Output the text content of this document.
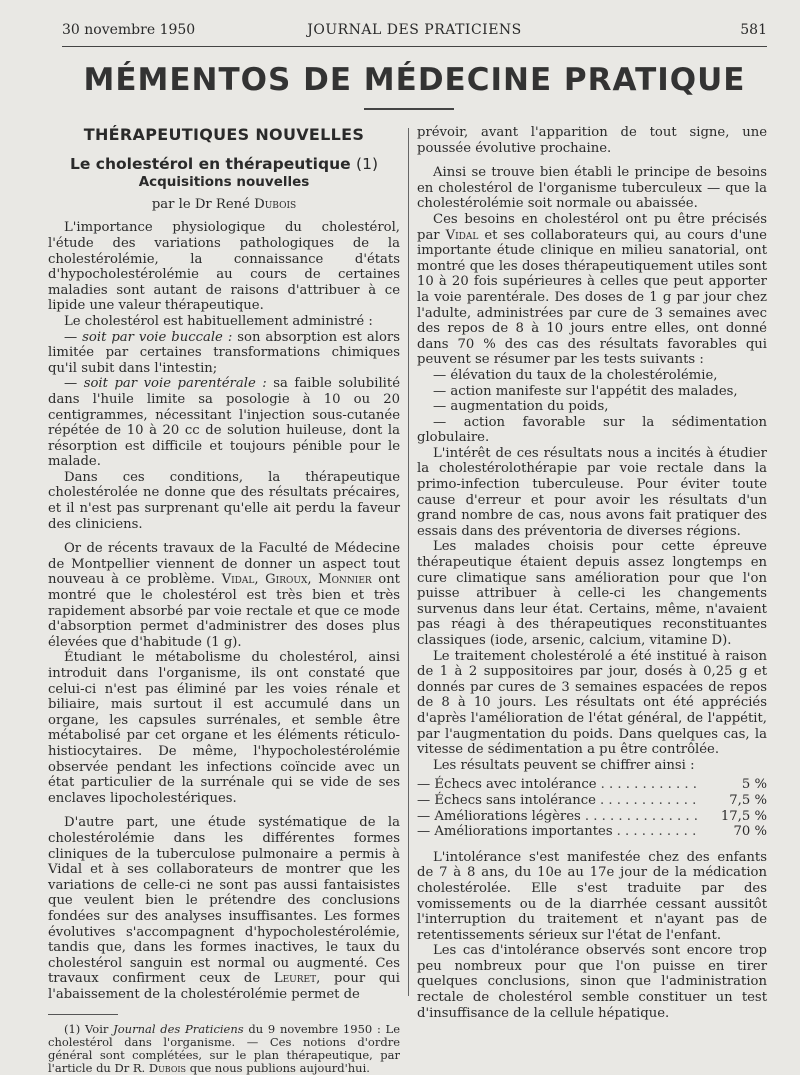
30 novembre 1950	JOURNAL DES PRATICIENS	581
MÉMENTOS DE MÉDECINE PRATIQUE
THÉRAPEUTIQUES NOUVELLES
Le cholestérol en thérapeutique (1)
Acquisitions nouvelles
par le Dr René Dubois

L'importance physiologique du cholestérol, l'étude des variations pathologiques de la cholestérolémie, la connaissance d'états d'hypocholestérolémie au cours de certaines maladies sont autant de raisons d'attribuer à ce lipide une valeur thérapeutique.

Le cholestérol est habituellement administré :

— soit par voie buccale : son absorption est alors limitée par certaines transformations chimiques qu'il subit dans l'intestin;

— soit par voie parentérale : sa faible solubilité dans l'huile limite sa posologie à 10 ou 20 centigrammes, nécessitant l'injection sous-cutanée répétée de 10 à 20 cc de solution huileuse, dont la résorption est difficile et toujours pénible pour le malade.

Dans ces conditions, la thérapeutique cholestérolée ne donne que des résultats précaires, et il n'est pas surprenant qu'elle ait perdu la faveur des cliniciens.

Or de récents travaux de la Faculté de Médecine de Montpellier viennent de donner un aspect tout nouveau à ce problème. Vidal, Giroux, Monnier ont montré que le cholestérol est très bien et très rapidement absorbé par voie rectale et que ce mode d'absorption permet d'administrer des doses plus élevées que d'habitude (1 g).

Étudiant le métabolisme du cholestérol, ainsi introduit dans l'organisme, ils ont constaté que celui-ci n'est pas éliminé par les voies rénale et biliaire, mais surtout il est accumulé dans un organe, les capsules surrénales, et semble être métabolisé par cet organe et les éléments réticulo-histiocytaires. De même, l'hypocholestérolémie observée pendant les infections coïncide avec un état particulier de la surrénale qui se vide de ses enclaves lipocholestériques.

D'autre part, une étude systématique de la cholestérolémie dans les différentes formes cliniques de la tuberculose pulmonaire a permis à Vidal et à ses collaborateurs de montrer que les variations de celle-ci ne sont pas aussi fantaisistes que veulent bien le prétendre des conclusions fondées sur des analyses insuffisantes. Les formes évolutives s'accompagnent d'hypocholestérolémie, tandis que, dans les formes inactives, le taux du cholestérol sanguin est normal ou augmenté. Ces travaux confirment ceux de Leuret, pour qui l'abaissement de la cholestérolémie permet de

(1) Voir Journal des Praticiens du 9 novembre 1950 : Le cholestérol dans l'organisme. — Ces notions d'ordre général sont complétées, sur le plan thérapeutique, par l'article du Dr R. Dubois que nous publions aujourd'hui.

prévoir, avant l'apparition de tout signe, une poussée évolutive prochaine.

Ainsi se trouve bien établi le principe de besoins en cholestérol de l'organisme tuberculeux — que la cholestérolémie soit normale ou abaissée.

Ces besoins en cholestérol ont pu être précisés par Vidal et ses collaborateurs qui, au cours d'une importante étude clinique en milieu sanatorial, ont montré que les doses thérapeutiquement utiles sont 10 à 20 fois supérieures à celles que peut apporter la voie parentérale. Des doses de 1 g par jour chez l'adulte, administrées par cure de 3 semaines avec des repos de 8 à 10 jours entre elles, ont donné dans 70 % des cas des résultats favorables qui peuvent se résumer par les tests suivants :

— élévation du taux de la cholestérolémie,

— action manifeste sur l'appétit des malades,

— augmentation du poids,

— action favorable sur la sédimentation globulaire.

L'intérêt de ces résultats nous a incités à étudier la cholestérolothérapie par voie rectale dans la primo-infection tuberculeuse. Pour éviter toute cause d'erreur et pour avoir les résultats d'un grand nombre de cas, nous avons fait pratiquer des essais dans des préventoria de diverses régions.

Les malades choisis pour cette épreuve thérapeutique étaient depuis assez longtemps en cure climatique sans amélioration pour que l'on puisse attribuer à celle-ci les changements survenus dans leur état. Certains, même, n'avaient pas réagi à des thérapeutiques reconstituantes classiques (iode, arsenic, calcium, vitamine D).

Le traitement cholestérolé a été institué à raison de 1 à 2 suppositoires par jour, dosés à 0,25 g et donnés par cures de 3 semaines espacées de repos de 8 à 10 jours. Les résultats ont été appréciés d'après l'amélioration de l'état général, de l'appétit, par l'augmentation du poids. Dans quelques cas, la vitesse de sédimentation a pu être contrôlée.

Les résultats peuvent se chiffrer ainsi :

— Échecs avec intolérance . . .	5 %
— Échecs sans intolérance . . .	7,5 %
— Améliorations légères . . .	17,5 %
— Améliorations importantes . . .	70 %

L'intolérance s'est manifestée chez des enfants de 7 à 8 ans, du 10e au 17e jour de la médication cholestérolée. Elle s'est traduite par des vomissements ou de la diarrhée cessant aussitôt l'interruption du traitement et n'ayant pas de retentissements sérieux sur l'état de l'enfant.

Les cas d'intolérance observés sont encore trop peu nombreux pour que l'on puisse en tirer quelques conclusions, sinon que l'administration rectale de cholestérol semble constituer un test d'insuffisance de la cellule hépatique.
